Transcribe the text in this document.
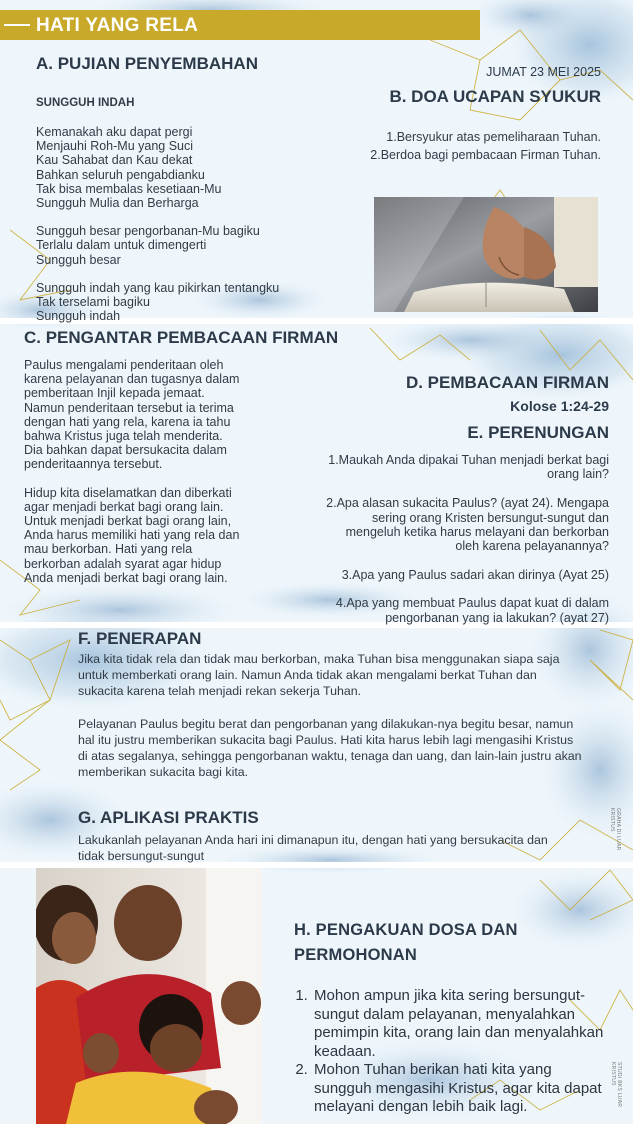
HATI YANG RELA
A. PUJIAN PENYEMBAHAN
SUNGGUH INDAH
Kemanakah aku dapat pergi
Menjauhi Roh-Mu yang Suci
Kau Sahabat dan Kau dekat
Bahkan seluruh pengabdianku
Tak bisa membalas kesetiaan-Mu
Sungguh Mulia dan Berharga
Sungguh besar pengorbanan-Mu bagiku
Terlalu dalam untuk dimengerti
Sungguh besar
Sungguh indah yang kau pikirkan tentangku
Tak terselami bagiku
Sungguh indah
JUMAT 23 MEI 2025
B. DOA UCAPAN SYUKUR
1.Bersyukur atas pemeliharaan Tuhan.
2.Berdoa bagi pembacaan Firman Tuhan.
C. PENGANTAR PEMBACAAN FIRMAN
Paulus mengalami penderitaan oleh
karena pelayanan dan tugasnya dalam
pemberitaan Injil kepada jemaat.
Namun penderitaan tersebut ia terima
dengan hati yang rela, karena ia tahu
bahwa Kristus juga telah menderita.
Dia bahkan dapat bersukacita dalam
penderitaannya tersebut.
Hidup kita diselamatkan dan diberkati
agar menjadi berkat bagi orang lain.
Untuk menjadi berkat bagi orang lain,
Anda harus memiliki hati yang rela dan
mau berkorban. Hati yang rela
berkorban adalah syarat agar hidup
Anda menjadi berkat bagi orang lain.
D. PEMBACAAN FIRMAN
Kolose 1:24-29
E. PERENUNGAN
1.Maukah Anda dipakai Tuhan menjadi berkat bagi
orang lain?
2.Apa alasan sukacita Paulus? (ayat 24). Mengapa
sering orang Kristen bersungut-sungut dan
mengeluh ketika harus melayani dan berkorban
oleh karena pelayanannya?
3.Apa yang Paulus sadari akan dirinya (Ayat 25)
4.Apa yang membuat Paulus dapat kuat di dalam
pengorbanan yang ia lakukan? (ayat 27)
F. PENERAPAN
Jika kita tidak rela dan tidak mau berkorban, maka Tuhan bisa menggunakan siapa saja
untuk memberkati orang lain. Namun Anda tidak akan mengalami berkat Tuhan dan
sukacita karena telah menjadi rekan sekerja Tuhan.
Pelayanan Paulus begitu berat dan pengorbanan yang dilakukan-nya begitu besar, namun
hal itu justru memberikan sukacita bagi Paulus. Hati kita harus lebih lagi mengasihi Kristus
di atas segalanya, sehingga pengorbanan waktu, tenaga dan uang, dan lain-lain justru akan
memberikan sukacita bagi kita.
G. APLIKASI PRAKTIS
Lakukanlah pelayanan Anda hari ini dimanapun itu, dengan hati yang bersukacita dan
tidak bersungut-sungut
GRAHA DI LUAR KRISTUS
H. PENGAKUAN DOSA DAN
PERMOHONAN
1. Mohon ampun jika kita sering bersungut-
sungut dalam pelayanan, menyalahkan
pemimpin kita, orang lain dan menyalahkan
keadaan.
2. Mohon Tuhan berikan hati kita yang
sungguh mengasihi Kristus, agar kita dapat
melayani dengan lebih baik lagi.	STUDI BKS LUAR KRISTUS
